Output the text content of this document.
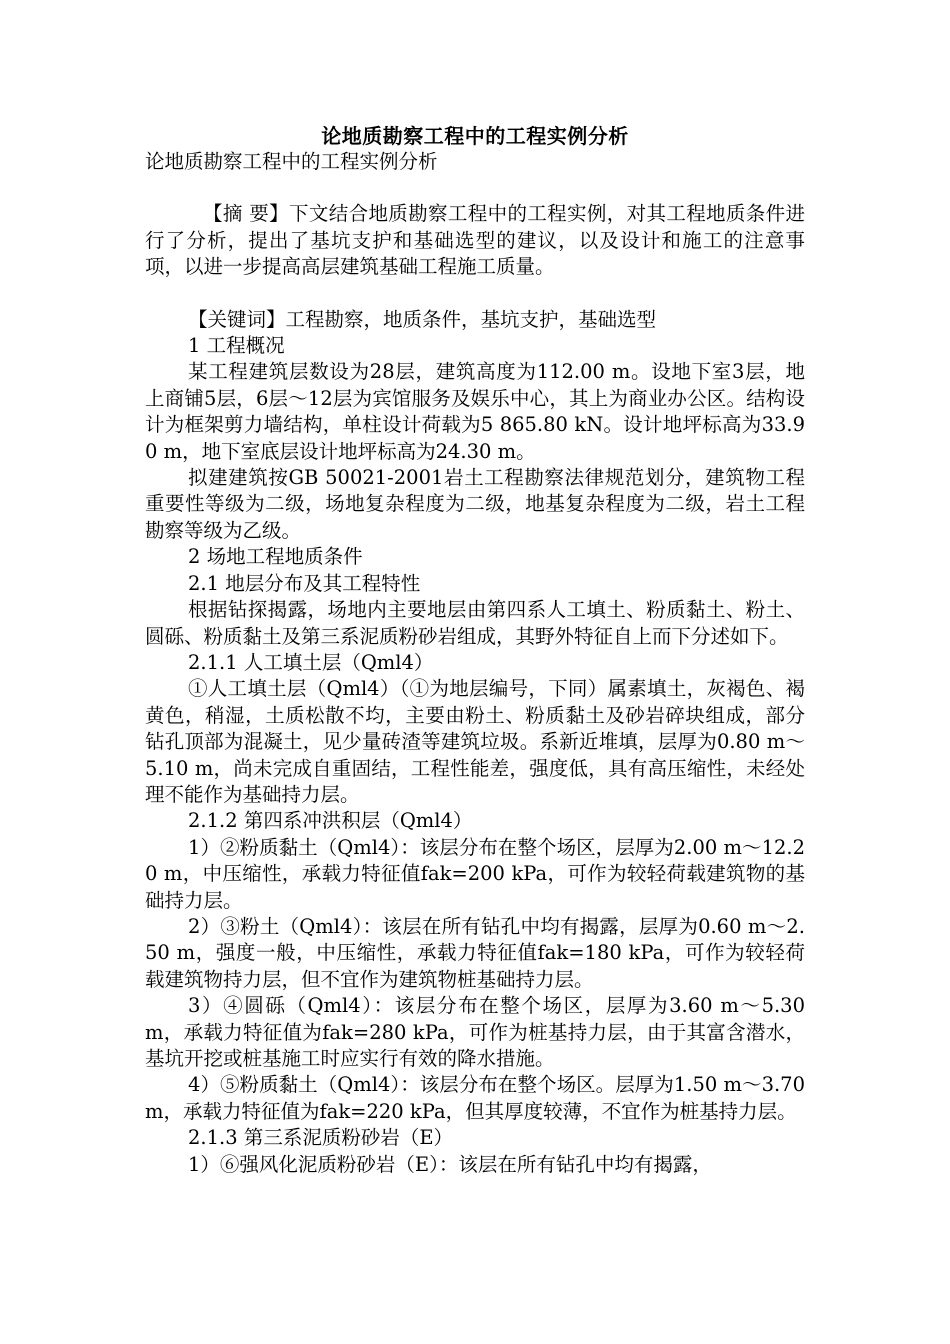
论地质勘察工程中的工程实例分析

论地质勘察工程中的工程实例分析

【摘 要】下文结合地质勘察工程中的工程实例，对其工程地质条件进行了分析，提出了基坑支护和基础选型的建议，以及设计和施工的注意事项，以进一步提高高层建筑基础工程施工质量。

【关键词】工程勘察，地质条件，基坑支护，基础选型

1 工程概况

某工程建筑层数设为28层，建筑高度为112.00 m。设地下室3层，地上商铺5层，6层～12层为宾馆服务及娱乐中心，其上为商业办公区。结构设计为框架剪力墙结构，单柱设计荷载为5 865.80 kN。设计地坪标高为33.90 m，地下室底层设计地坪标高为24.30 m。

拟建建筑按GB 50021-2001岩土工程勘察法律规范划分，建筑物工程重要性等级为二级，场地复杂程度为二级，地基复杂程度为二级，岩土工程勘察等级为乙级。

2 场地工程地质条件

2.1 地层分布及其工程特性

根据钻探揭露，场地内主要地层由第四系人工填土、粉质黏土、粉土、圆砾、粉质黏土及第三系泥质粉砂岩组成，其野外特征自上而下分述如下。

2.1.1 人工填土层（Qml4）

①人工填土层（Qml4）（①为地层编号，下同）属素填土，灰褐色、褐黄色，稍湿，土质松散不均，主要由粉土、粉质黏土及砂岩碎块组成，部分钻孔顶部为混凝土，见少量砖渣等建筑垃圾。系新近堆填，层厚为0.80 m～5.10 m，尚未完成自重固结，工程性能差，强度低，具有高压缩性，未经处理不能作为基础持力层。

2.1.2 第四系冲洪积层（Qml4）

1）②粉质黏土（Qml4）：该层分布在整个场区，层厚为2.00 m～12.20 m，中压缩性，承载力特征值fak=200 kPa，可作为较轻荷载建筑物的基础持力层。

2）③粉土（Qml4）：该层在所有钻孔中均有揭露，层厚为0.60 m～2.50 m，强度一般，中压缩性，承载力特征值fak=180 kPa，可作为较轻荷载建筑物持力层，但不宜作为建筑物桩基础持力层。

3）④圆砾（Qml4）：该层分布在整个场区，层厚为3.60 m～5.30 m，承载力特征值为fak=280 kPa，可作为桩基持力层，由于其富含潜水，基坑开挖或桩基施工时应实行有效的降水措施。

4）⑤粉质黏土（Qml4）：该层分布在整个场区。层厚为1.50 m～3.70 m，承载力特征值为fak=220 kPa，但其厚度较薄，不宜作为桩基持力层。

2.1.3 第三系泥质粉砂岩（E）

1）⑥强风化泥质粉砂岩（E）：该层在所有钻孔中均有揭露，
